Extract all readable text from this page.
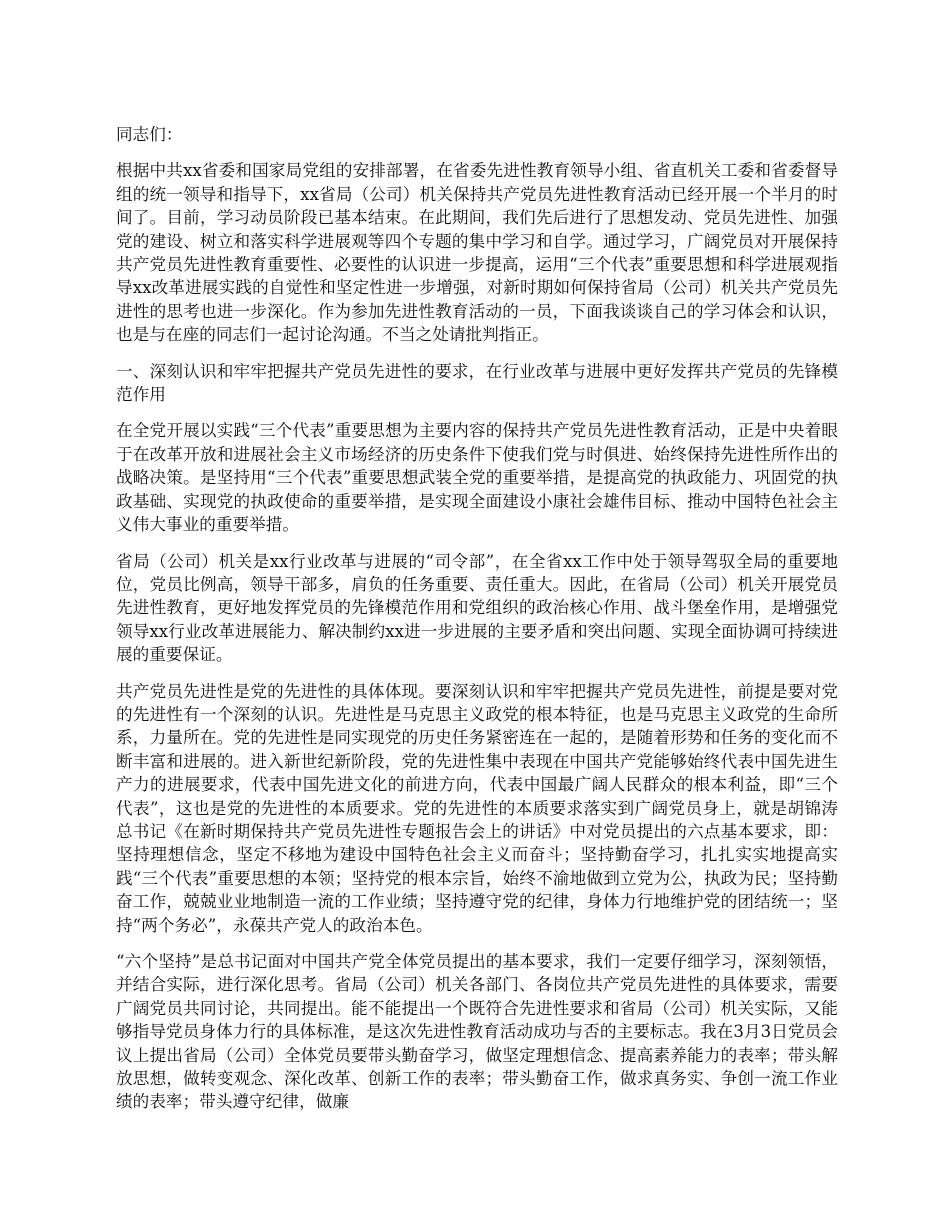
同志们：

根据中共xx省委和国家局党组的安排部署，在省委先进性教育领导小组、省直机关工委和省委督导组的统一领导和指导下，xx省局（公司）机关保持共产党员先进性教育活动已经开展一个半月的时间了。目前，学习动员阶段已基本结束。在此期间，我们先后进行了思想发动、党员先进性、加强党的建设、树立和落实科学进展观等四个专题的集中学习和自学。通过学习，广阔党员对开展保持共产党员先进性教育重要性、必要性的认识进一步提高，运用“三个代表”重要思想和科学进展观指导xx改革进展实践的自觉性和坚定性进一步增强，对新时期如何保持省局（公司）机关共产党员先进性的思考也进一步深化。作为参加先进性教育活动的一员，下面我谈谈自己的学习体会和认识，也是与在座的同志们一起讨论沟通。不当之处请批判指正。

一、深刻认识和牢牢把握共产党员先进性的要求，在行业改革与进展中更好发挥共产党员的先锋模范作用

在全党开展以实践“三个代表”重要思想为主要内容的保持共产党员先进性教育活动，正是中央着眼于在改革开放和进展社会主义市场经济的历史条件下使我们党与时俱进、始终保持先进性所作出的战略决策。是坚持用“三个代表”重要思想武装全党的重要举措，是提高党的执政能力、巩固党的执政基础、实现党的执政使命的重要举措，是实现全面建设小康社会雄伟目标、推动中国特色社会主义伟大事业的重要举措。

省局（公司）机关是xx行业改革与进展的“司令部”，在全省xx工作中处于领导驾驭全局的重要地位，党员比例高，领导干部多，肩负的任务重要、责任重大。因此，在省局（公司）机关开展党员先进性教育，更好地发挥党员的先锋模范作用和党组织的政治核心作用、战斗堡垒作用，是增强党领导xx行业改革进展能力、解决制约xx进一步进展的主要矛盾和突出问题、实现全面协调可持续进展的重要保证。

共产党员先进性是党的先进性的具体体现。要深刻认识和牢牢把握共产党员先进性，前提是要对党的先进性有一个深刻的认识。先进性是马克思主义政党的根本特征，也是马克思主义政党的生命所系，力量所在。党的先进性是同实现党的历史任务紧密连在一起的，是随着形势和任务的变化而不断丰富和进展的。进入新世纪新阶段，党的先进性集中表现在中国共产党能够始终代表中国先进生产力的进展要求，代表中国先进文化的前进方向，代表中国最广阔人民群众的根本利益，即“三个代表”，这也是党的先进性的本质要求。党的先进性的本质要求落实到广阔党员身上，就是胡锦涛总书记《在新时期保持共产党员先进性专题报告会上的讲话》中对党员提出的六点基本要求，即：坚持理想信念，坚定不移地为建设中国特色社会主义而奋斗；坚持勤奋学习，扎扎实实地提高实践“三个代表”重要思想的本领；坚持党的根本宗旨，始终不渝地做到立党为公，执政为民；坚持勤奋工作，兢兢业业地制造一流的工作业绩；坚持遵守党的纪律，身体力行地维护党的团结统一；坚持“两个务必”，永葆共产党人的政治本色。

“六个坚持”是总书记面对中国共产党全体党员提出的基本要求，我们一定要仔细学习，深刻领悟，并结合实际，进行深化思考。省局（公司）机关各部门、各岗位共产党员先进性的具体要求，需要广阔党员共同讨论，共同提出。能不能提出一个既符合先进性要求和省局（公司）机关实际，又能够指导党员身体力行的具体标准，是这次先进性教育活动成功与否的主要标志。我在3月3日党员会议上提出省局（公司）全体党员要带头勤奋学习，做坚定理想信念、提高素养能力的表率；带头解放思想，做转变观念、深化改革、创新工作的表率；带头勤奋工作，做求真务实、争创一流工作业绩的表率；带头遵守纪律，做廉
